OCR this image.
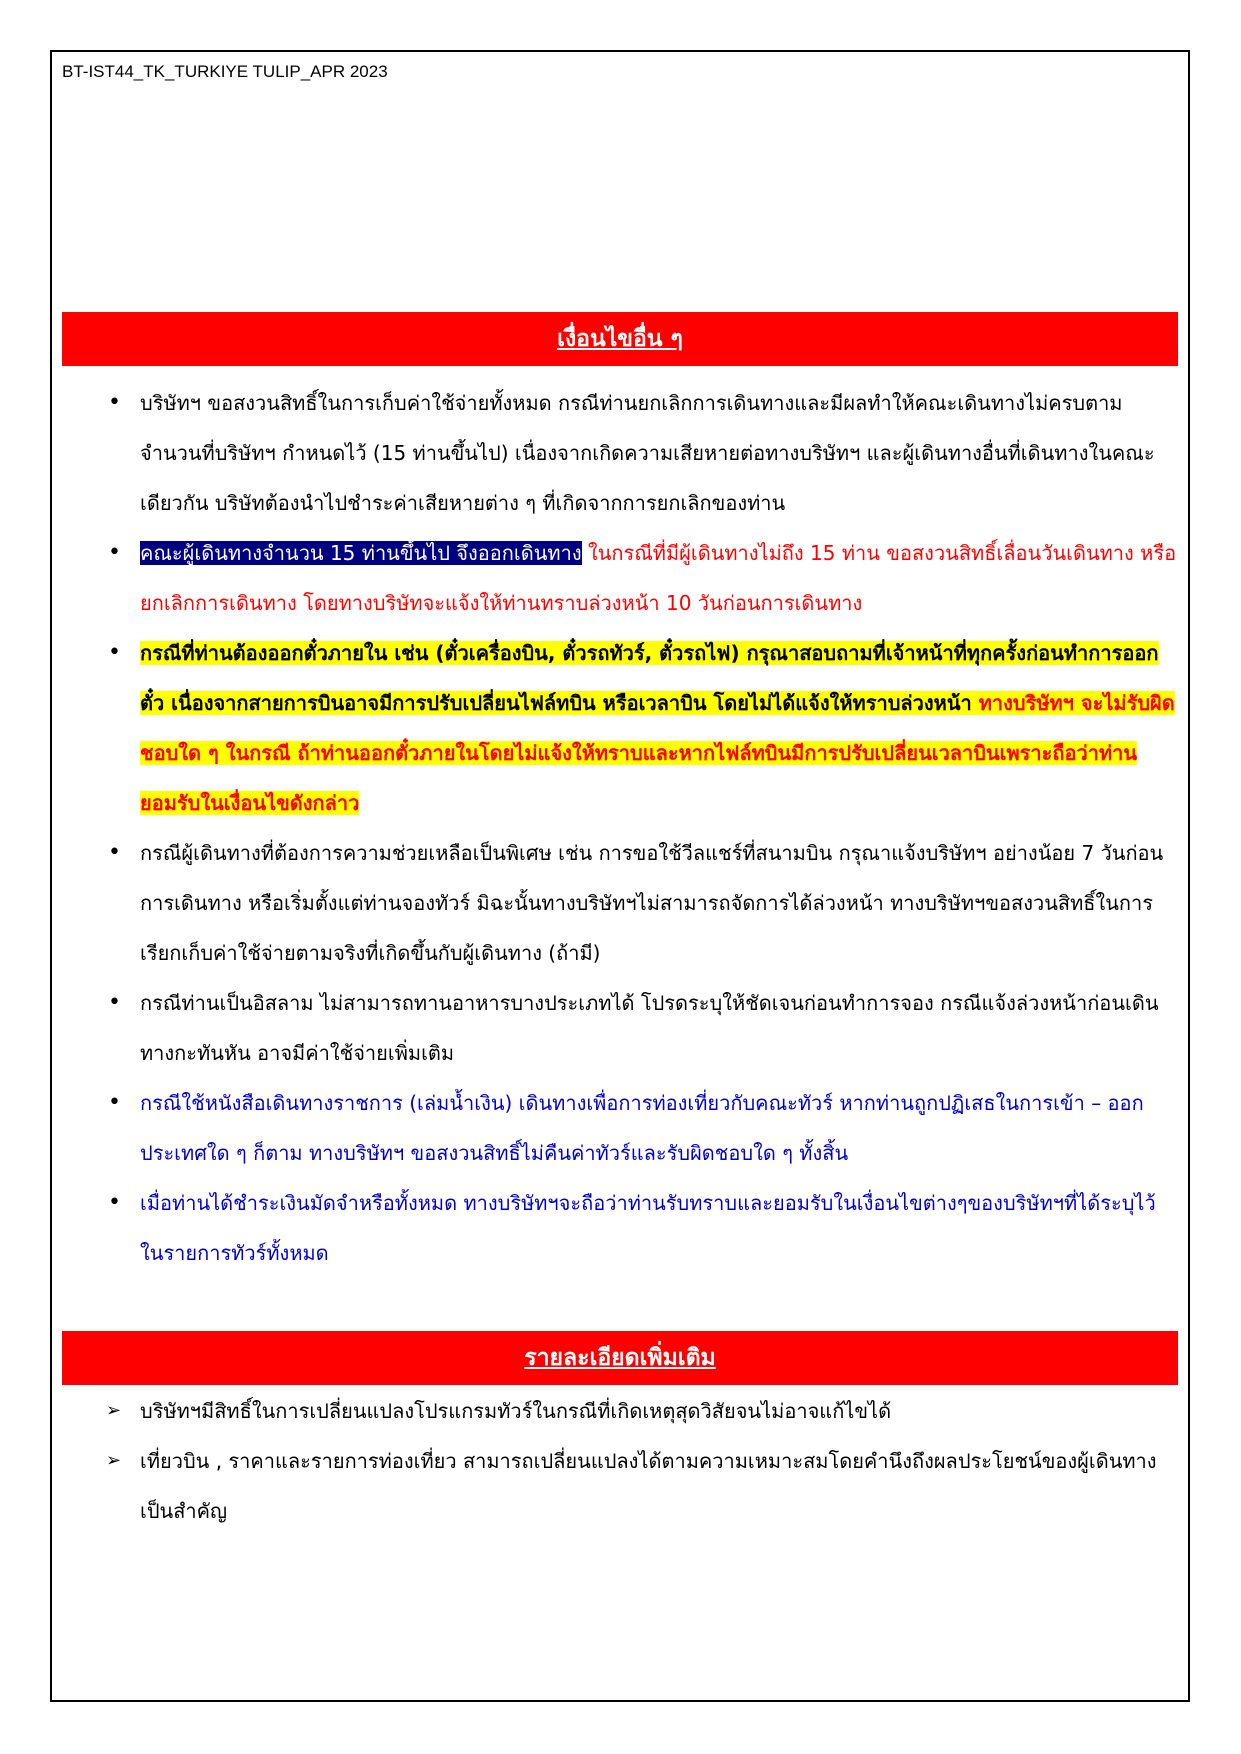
BT-IST44_TK_TURKIYE TULIP_APR 2023
เงื่อนไขอื่น ๆ
• บริษัทฯ ขอสงวนสิทธิ์ในการเก็บค่าใช้จ่ายทั้งหมด กรณีท่านยกเลิกการเดินทางและมีผลทำให้คณะเดินทางไม่ครบตามจำนวนที่บริษัทฯ กำหนดไว้ (15 ท่านขึ้นไป) เนื่องจากเกิดความเสียหายต่อทางบริษัทฯ และผู้เดินทางอื่นที่เดินทางในคณะเดียวกัน บริษัทต้องนำไปชำระค่าเสียหายต่าง ๆ ที่เกิดจากการยกเลิกของท่าน
• คณะผู้เดินทางจำนวน 15 ท่านขึ้นไป จึงออกเดินทาง ในกรณีที่มีผู้เดินทางไม่ถึง 15 ท่าน ขอสงวนสิทธิ์เลื่อนวันเดินทาง หรือ ยกเลิกการเดินทาง โดยทางบริษัทจะแจ้งให้ท่านทราบล่วงหน้า 10 วันก่อนการเดินทาง
• กรณีที่ท่านต้องออกตั๋วภายใน เช่น (ตั๋วเครื่องบิน, ตั๋วรถทัวร์, ตั๋วรถไฟ) กรุณาสอบถามที่เจ้าหน้าที่ทุกครั้งก่อนทำการออกตั๋ว เนื่องจากสายการบินอาจมีการปรับเปลี่ยนไฟล์ทบิน หรือเวลาบิน โดยไม่ได้แจ้งให้ทราบล่วงหน้า ทางบริษัทฯ จะไม่รับผิดชอบใด ๆ ในกรณี ถ้าท่านออกตั๋วภายในโดยไม่แจ้งให้ทราบและหากไฟล์ทบินมีการปรับเปลี่ยนเวลาบินเพราะถือว่าท่านยอมรับในเงื่อนไขดังกล่าว
• กรณีผู้เดินทางที่ต้องการความช่วยเหลือเป็นพิเศษ เช่น การขอใช้วีลแชร์ที่สนามบิน กรุณาแจ้งบริษัทฯ อย่างน้อย 7 วันก่อนการเดินทาง หรือเริ่มตั้งแต่ท่านจองทัวร์ มิฉะนั้นทางบริษัทฯไม่สามารถจัดการได้ล่วงหน้า ทางบริษัทฯขอสงวนสิทธิ์ในการเรียกเก็บค่าใช้จ่ายตามจริงที่เกิดขึ้นกับผู้เดินทาง (ถ้ามี)
• กรณีท่านเป็นอิสลาม ไม่สามารถทานอาหารบางประเภทได้ โปรดระบุให้ชัดเจนก่อนทำการจอง กรณีแจ้งล่วงหน้าก่อนเดินทางกะทันหัน อาจมีค่าใช้จ่ายเพิ่มเติม
• กรณีใช้หนังสือเดินทางราชการ (เล่มน้ำเงิน) เดินทางเพื่อการท่องเที่ยวกับคณะทัวร์ หากท่านถูกปฏิเสธในการเข้า – ออกประเทศใด ๆ ก็ตาม ทางบริษัทฯ ขอสงวนสิทธิ์ไม่คืนค่าทัวร์และรับผิดชอบใด ๆ ทั้งสิ้น
• เมื่อท่านได้ชำระเงินมัดจำหรือทั้งหมด ทางบริษัทฯจะถือว่าท่านรับทราบและยอมรับในเงื่อนไขต่างๆของบริษัทฯที่ได้ระบุไว้ในรายการทัวร์ทั้งหมด
รายละเอียดเพิ่มเติม
➢ บริษัทฯมีสิทธิ์ในการเปลี่ยนแปลงโปรแกรมทัวร์ในกรณีที่เกิดเหตุสุดวิสัยจนไม่อาจแก้ไขได้
➢ เที่ยวบิน , ราคาและรายการท่องเที่ยว สามารถเปลี่ยนแปลงได้ตามความเหมาะสมโดยคำนึงถึงผลประโยชน์ของผู้เดินทางเป็นสำคัญ
